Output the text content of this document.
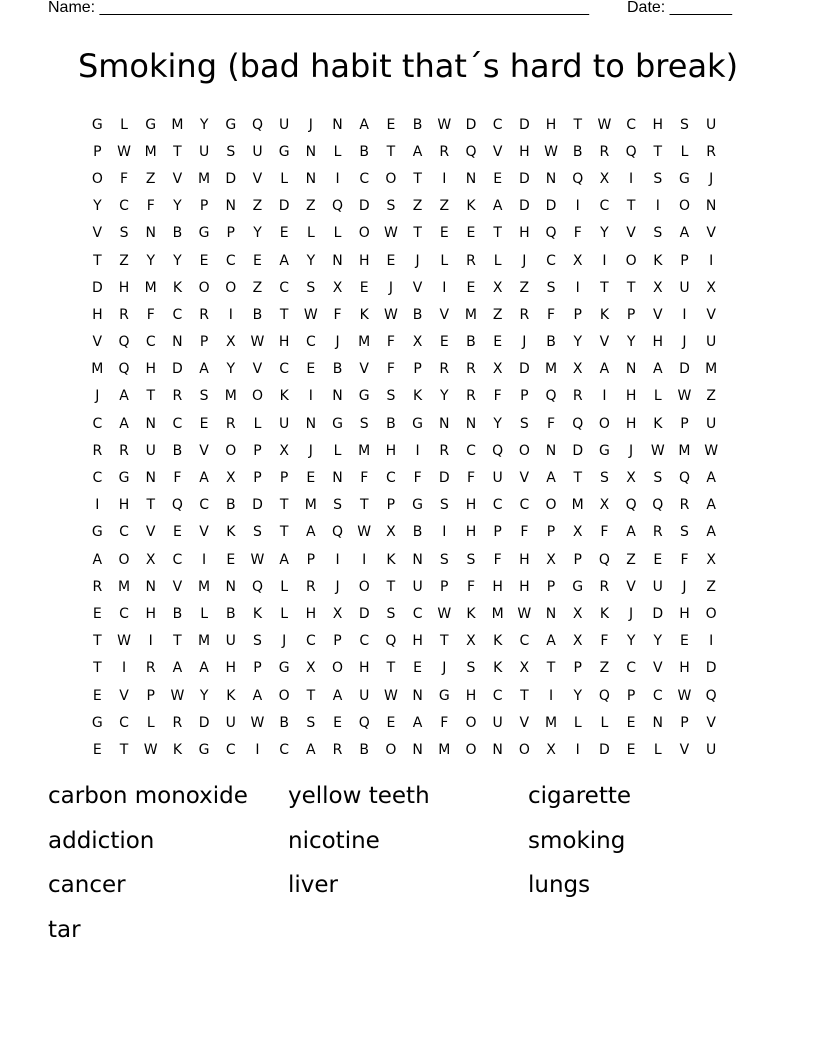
Name: _______________________________________________________ Date: _______
Smoking (bad habit that´s hard to break)
G	L	G	M	Y	G	Q	U	J	N	A	E	B	W	D	C	D	H	T	W	C	H	S	U
P	W M	T	U	S	U	G	N	L	B	T	A	R	Q	V	H	W	B	R	Q	T	L	R
O	F	Z	V	M	D	V	L	N	I	C	O	T	I	N	E	D	N	Q	X	I	S	G	J
Y	C	F	Y	P	N	Z	D	Z	Q	D	S	Z	Z	K	A	D	D	I	C	T	I	O	N
V	S	N	B	G	P	Y	E	L	L	O	W	T	E	E	T	H	Q	F	Y	V	S	A	V
T	Z	Y	Y	E	C	E	A	Y	N	H	E	J	L	R	L	J	C	X	I	O	K	P	I
D	H	M	K	O	O	Z	C	S	X	E	J	V	I	E	X	Z	S	I	T	T	X	U	X
H	R	F	C	R	I	B	T	W	F	K	W	B	V	M	Z	R	F	P	K	P	V	I	V
V	Q	C	N	P	X	W	H	C	J	M	F	X	E	B	E	J	B	Y	V	Y	H	J	U
M	Q	H	D	A	Y	V	C	E	B	V	F	P	R	R	X	D	M	X	A	N	A	D	M
J	A	T	R	S	M	O	K	I	N	G	S	K	Y	R	F	P	Q	R	I	H	L	W	Z
C	A	N	C	E	R	L	U	N	G	S	B	G	N	N	Y	S	F	Q	O	H	K	P	U
R	R	U	B	V	O	P	X	J	L	M	H	I	R	C	Q	O	N	D	G	J	W M W
C	G	N	F	A	X	P	P	E	N	F	C	F	D	F	U	V	A	T	S	X	S	Q	A
I	H	T	Q	C	B	D	T	M	S	T	P	G	S	H	C	C	O	M	X	Q	Q	R	A
G	C	V	E	V	K	S	T	A	Q	W	X	B	I	H	P	F	P	X	F	A	R	S	A
A	O	X	C	I	E	W	A	P	I	I	K	N	S	S	F	H	X	P	Q	Z	E	F	X
R	M	N	V	M	N	Q	L	R	J	O	T	U	P	F	H	H	P	G	R	V	U	J	Z
E	C	H	B	L	B	K	L	H	X	D	S	C	W	K	M W	N	X	K	J	D	H	O
T	W	I	T	M	U	S	J	C	P	C	Q	H	T	X	K	C	A	X	F	Y	Y	E	I
T	I	R	A	A	H	P	G	X	O	H	T	E	J	S	K	X	T	P	Z	C	V	H	D
E	V	P	W	Y	K	A	O	T	A	U	W	N	G	H	C	T	I	Y	Q	P	C	W	Q
G	C	L	R	D	U	W	B	S	E	Q	E	A	F	O	U	V	M	L	L	E	N	P	V
E	T	W	K	G	C	I	C	A	R	B	O	N	M	O	N	O	X	I	D	E	L	V	U
carbon monoxide	yellow teeth	cigarette
addiction	nicotine	smoking
cancer	liver	lungs
tar
